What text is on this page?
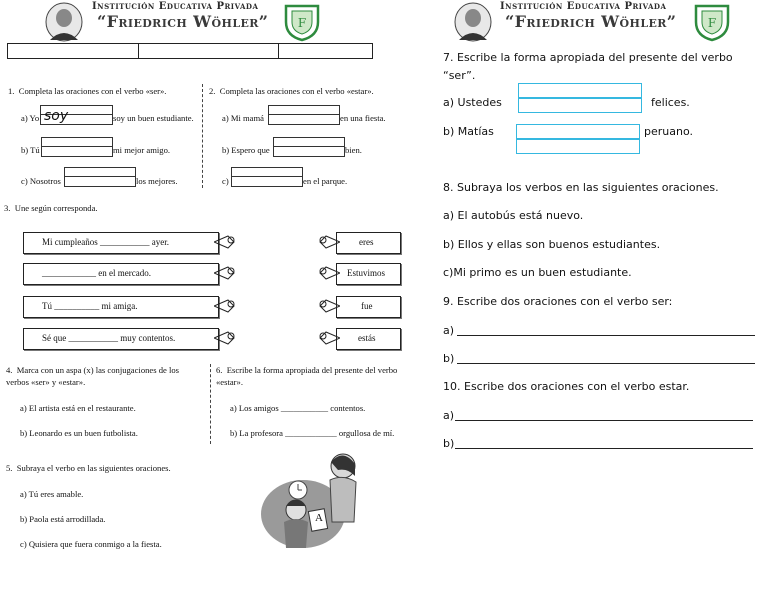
Institución Educativa Privada
“Friedrich Wöhler” F
1.  Completa las oraciones con el verbo «ser».
a) Yo soy	soy un buen estudiante.
b) Tú	mi mejor amigo.
c) Nosotros	los mejores.
2.  Completa las oraciones con el verbo «estar».
a) Mi mamá	en una fiesta.
b) Espero que	bien.
c)	en el parque.
3.  Une según corresponda.
Mi cumpleaños ___________ ayer.
____________ en el mercado.
Tú __________ mi amiga.
Sé que ___________ muy contentos.
eres
Estuvimos
fue
estás
4.  Marca con un aspa (x) las conjugaciones de los verbos «ser» y «estar».
a) El artista está en el restaurante.
b) Leonardo es un buen futbolista.
6.  Escribe la forma apropiada del presente del verbo «estar».
a) Los amigos ___________ contentos.
b) La profesora ____________ orgullosa de mí.
5.  Subraya el verbo en las siguientes oraciones.
a) Tú eres amable.
b) Paola está arrodillada.
c) Quisiera que fuera conmigo a la fiesta.
A
Institución Educativa Privada
“Friedrich Wöhler”	F
7. Escribe la forma apropiada del presente del verbo “ser”.
a) Ustedes	felices.
b) Matías	peruano.
8. Subraya los verbos en las siguientes oraciones.
a) El autobús está nuevo.
b) Ellos y ellas son buenos estudiantes.
c)Mi primo es un buen estudiante.
9. Escribe dos oraciones con el verbo ser:
a)
b)
10. Escribe dos oraciones con el verbo estar.
a)
b)
